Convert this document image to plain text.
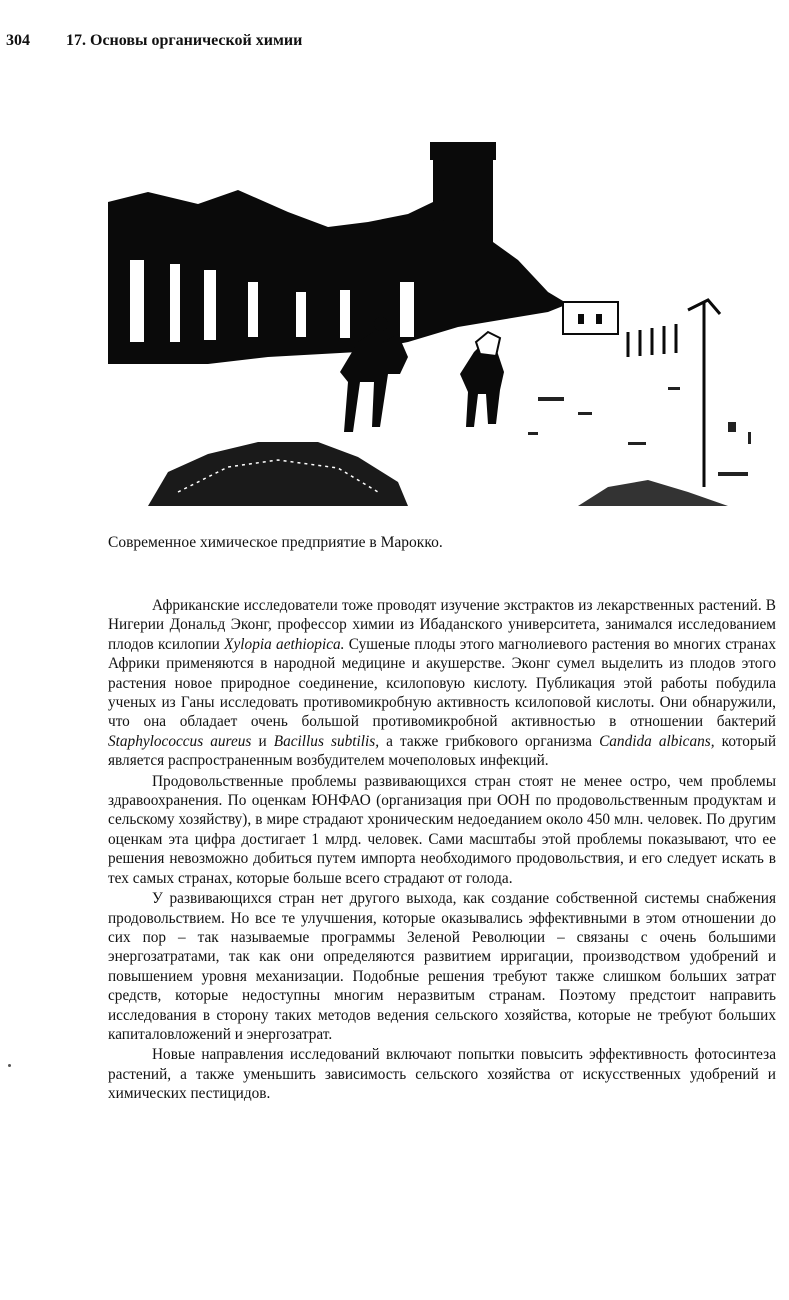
304 17. Основы органической химии
Современное химическое предприятие в Марокко.

Африканские исследователи тоже проводят изучение экстрактов из лекарственных растений. В Нигерии Дональд Эконг, профессор химии из Ибаданского университета, занимался исследованием плодов ксилопии Xylopia aethiopica. Сушеные плоды этого магнолиевого растения во многих странах Африки применяются в народной медицине и акушерстве. Эконг сумел выделить из плодов этого растения новое природное соединение, ксилоповую кислоту. Публикация этой работы побудила ученых из Ганы исследовать противомикробную активность ксилоповой кислоты. Они обнаружили, что она обладает очень большой противомикробной активностью в отношении бактерий Staphylococcus aureus и Bacillus subtilis, а также грибкового организма Candida albicans, который является распространенным возбудителем мочеполовых инфекций.

Продовольственные проблемы развивающихся стран стоят не менее остро, чем проблемы здравоохранения. По оценкам ЮНФАО (организация при ООН по продовольственным продуктам и сельскому хозяйству), в мире страдают хроническим недоеданием около 450 млн. человек. По другим оценкам эта цифра достигает 1 млрд. человек. Сами масштабы этой проблемы показывают, что ее решения невозможно добиться путем импорта необходимого продовольствия, и его следует искать в тех самых странах, которые больше всего страдают от голода.

У развивающихся стран нет другого выхода, как создание собственной системы снабжения продовольствием. Но все те улучшения, которые оказывались эффективными в этом отношении до сих пор – так называемые программы Зеленой Революции – связаны с очень большими энергозатратами, так как они определяются развитием ирригации, производством удобрений и повышением уровня механизации. Подобные решения требуют также слишком больших затрат средств, которые недоступны многим неразвитым странам. Поэтому предстоит направить исследования в сторону таких методов ведения сельского хозяйства, которые не требуют больших капиталовложений и энергозатрат.

Новые направления исследований включают попытки повысить эффективность фотосинтеза растений, а также уменьшить зависимость сельского хозяйства от искусственных удобрений и химических пестицидов.
